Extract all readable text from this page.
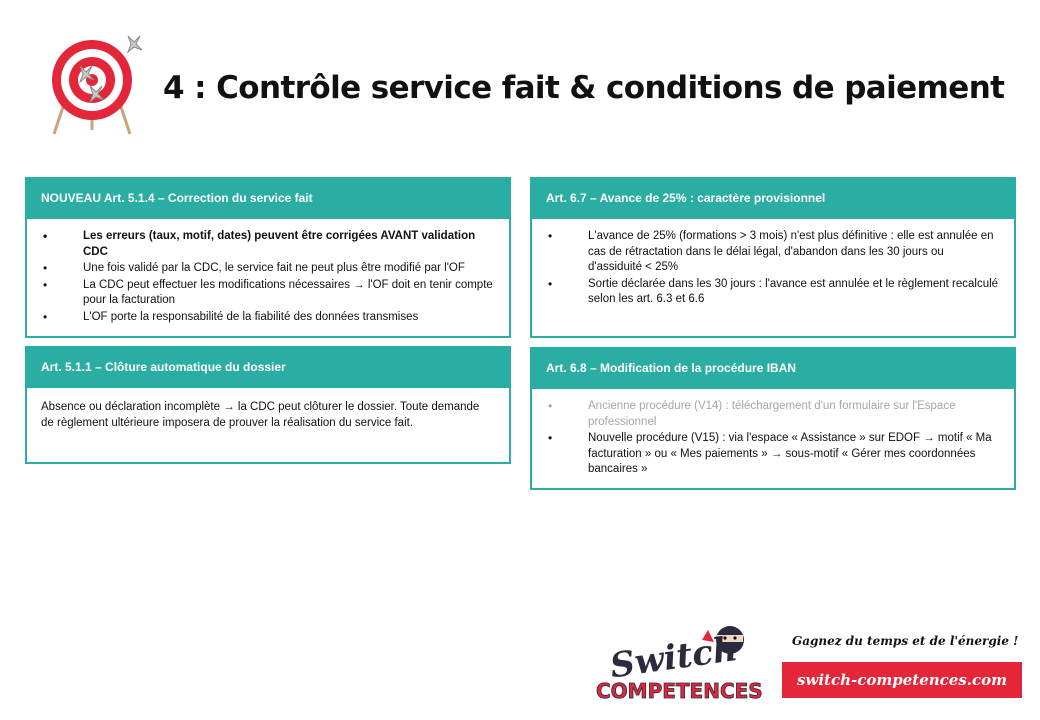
4 : Contrôle service fait & conditions de paiement
NOUVEAU Art. 5.1.4 – Correction du service fait
• Les erreurs (taux, motif, dates) peuvent être corrigées AVANT validation CDC
• Une fois validé par la CDC, le service fait ne peut plus être modifié par l'OF
• La CDC peut effectuer les modifications nécessaires → l'OF doit en tenir compte pour la facturation
• L'OF porte la responsabilité de la fiabilité des données transmises
Art. 6.7 – Avance de 25% : caractère provisionnel
• L'avance de 25% (formations > 3 mois) n'est plus définitive : elle est annulée en cas de rétractation dans le délai légal, d'abandon dans les 30 jours ou d'assiduité < 25%
• Sortie déclarée dans les 30 jours : l'avance est annulée et le règlement recalculé selon les art. 6.3 et 6.6
Art. 5.1.1 – Clôture automatique du dossier

Absence ou déclaration incomplète → la CDC peut clôturer le dossier. Toute demande de règlement ultérieure imposera de prouver la réalisation du service fait.

Art. 6.8 – Modification de la procédure IBAN
• Ancienne procédure (V14) : téléchargement d'un formulaire sur l'Espace professionnel
• Nouvelle procédure (V15) : via l'espace « Assistance » sur EDOF → motif « Ma facturation » ou « Mes paiements » → sous-motif « Gérer mes coordonnées bancaires »
Switch
COMPETENCES

Gagnez du temps et de l'énergie !

switch-competences.com
